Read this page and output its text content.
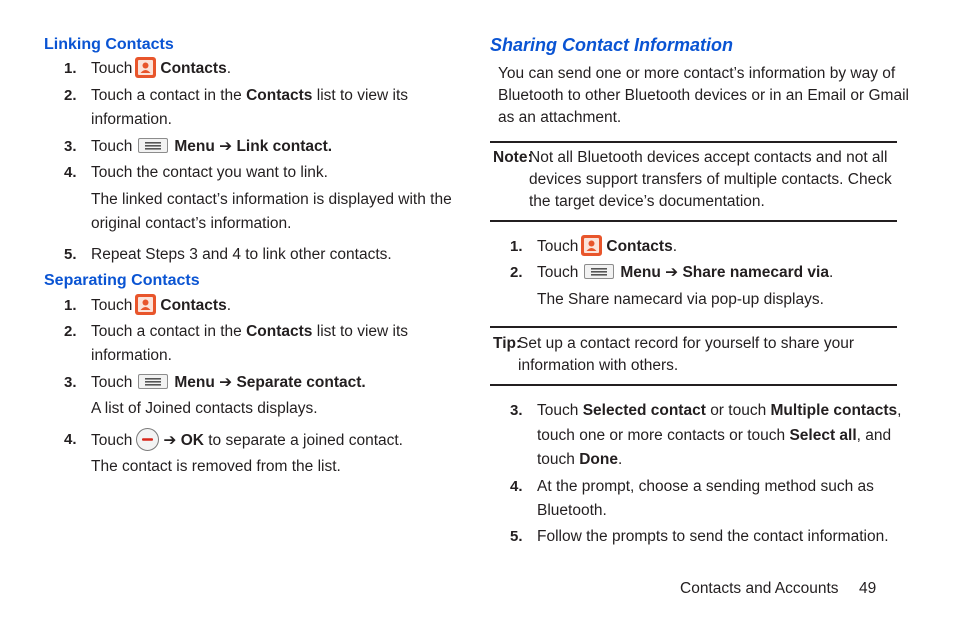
Linking Contacts
1. Touch Contacts.
2. Touch a contact in the Contacts list to view its
information.
3. Touch	Menu ➔ Link contact.
4. Touch the contact you want to link.
The linked contact’s information is displayed with the
original contact’s information.
5. Repeat Steps 3 and 4 to link other contacts.
Separating Contacts
1. Touch Contacts.
2. Touch a contact in the Contacts list to view its
information.
3. Touch	Menu ➔ Separate contact.
A list of Joined contacts displays.
4. Touch ➔ OK to separate a joined contact.
The contact is removed from the list.
Sharing Contact Information
You can send one or more contact’s information by way of
Bluetooth to other Bluetooth devices or in an Email or Gmail
as an attachment.
Note:
Not all Bluetooth devices accept contacts and not all
devices support transfers of multiple contacts. Check
the target device’s documentation.
1. Touch Contacts.
2. Touch	Menu ➔ Share namecard via.
The Share namecard via pop-up displays.
Tip:
Set up a contact record for yourself to share your
information with others.
3. Touch Selected contact or touch Multiple contacts,
touch one or more contacts or touch Select all, and
touch Done.
4. At the prompt, choose a sending method such as
Bluetooth.
5. Follow the prompts to send the contact information.
Contacts and Accounts 49
